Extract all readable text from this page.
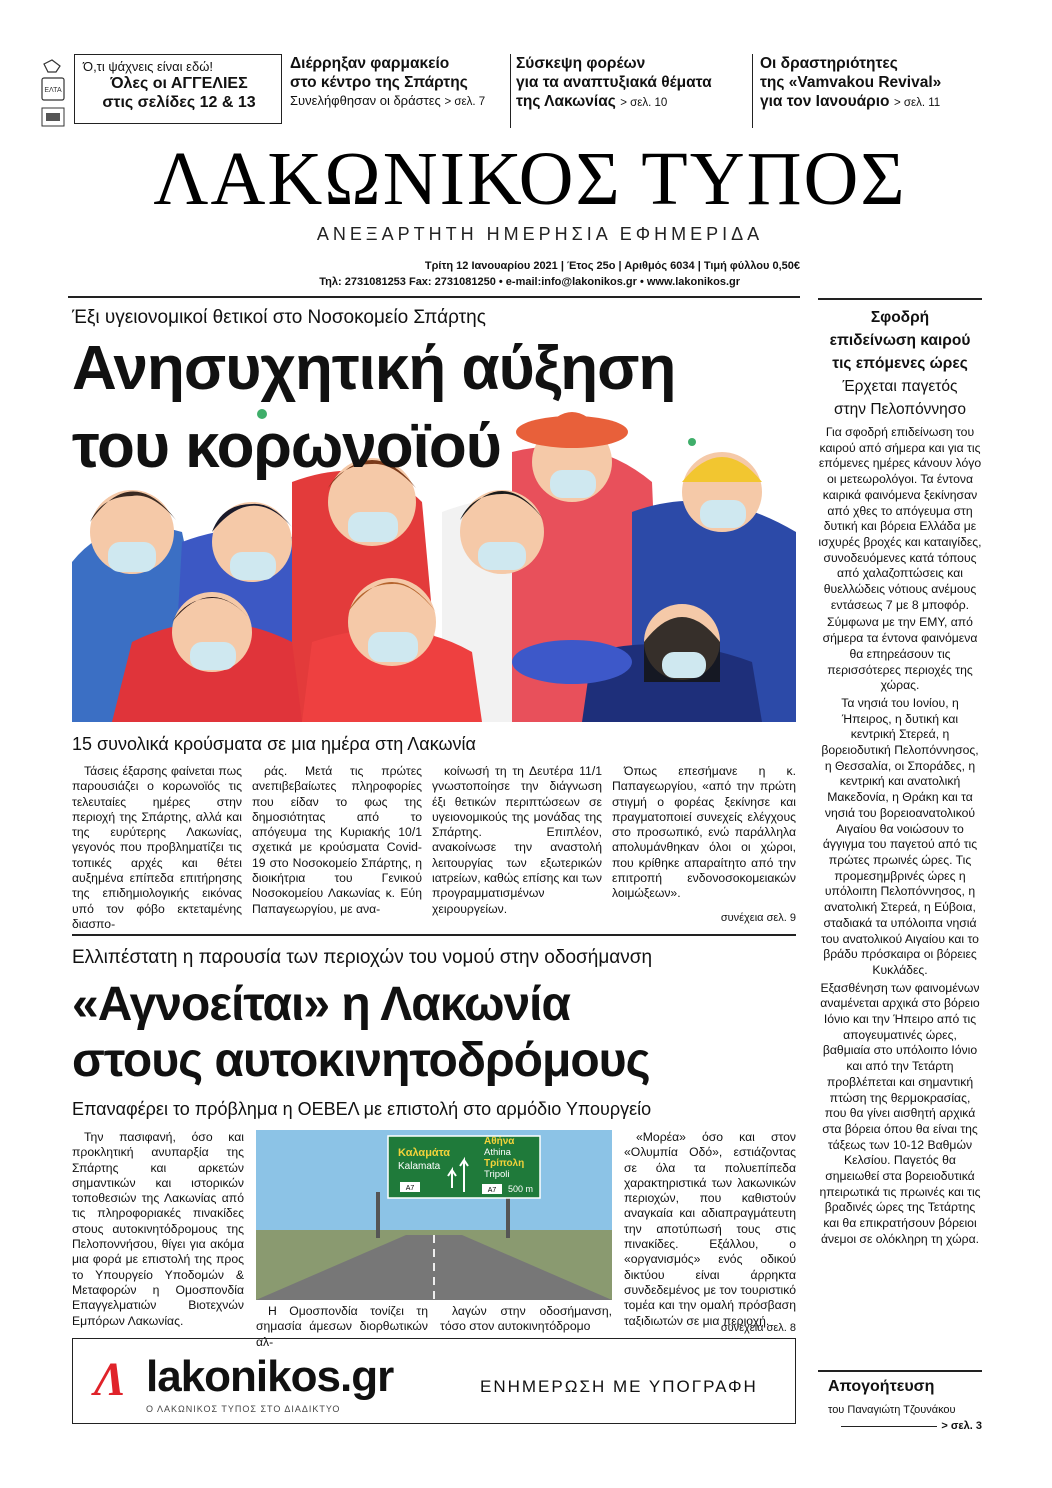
ΕΛΤΑ
Ό,τι ψάχνεις είναι εδώ!
Όλες οι ΑΓΓΕΛΙΕΣ
στις σελίδες 12 & 13
Διέρρηξαν φαρμακείο
στο κέντρο της Σπάρτης
Συνελήφθησαν οι δράστες > σελ. 7
Σύσκεψη φορέων
για τα αναπτυξιακά θέματα
της Λακωνίας > σελ. 10
Οι δραστηριότητες
της «Vamvakou Revival»
για τον Ιανουάριο > σελ. 11
ΛΑΚΩΝΙΚΟΣ ΤΥΠΟΣ
ΑΝΕΞΑΡΤΗΤΗ ΗΜΕΡΗΣΙΑ ΕΦΗΜΕΡΙΔΑ
Τρίτη 12 Ιανουαρίου 2021 | Έτος 25ο | Αριθμός 6034 | Τιμή φύλλου 0,50€
Τηλ: 2731081253 Fax: 2731081250 • e-mail:info@lakonikos.gr • www.lakonikos.gr
Έξι υγειονομικοί θετικοί στο Νοσοκομείο Σπάρτης
Ανησυχητική αύξηση
του κορωνοϊού
15 συνολικά κρούσματα σε μια ημέρα στη Λακωνία
Τάσεις έξαρσης φαίνεται πως παρουσιάζει ο κορωνοϊός τις τελευταίες ημέρες στην περιοχή της Σπάρτης, αλλά και της ευρύτερης Λακωνίας, γεγονός που προβληματίζει τις τοπικές αρχές και θέτει αυξημένα επίπεδα επιτήρησης της επιδημιολογικής εικόνας υπό τον φόβο εκτεταμένης διασπο-
ράς. Μετά τις πρώτες ανεπιβεβαίωτες πληροφορίες που είδαν το φως της δημοσιότητας από το απόγευμα της Κυριακής 10/1 σχετικά με κρούσματα Covid-19 στο Νοσοκομείο Σπάρτης, η διοικήτρια του Γενικού Νοσοκομείου Λακωνίας κ. Εύη Παπαγεωργίου, με ανα-
κοίνωσή τη τη Δευτέρα 11/1 γνωστοποίησε την διάγνωση έξι θετικών περιπτώσεων σε υγειονομικούς της μονάδας της Σπάρτης. Επιπλέον, ανακοίνωσε την αναστολή λειτουργίας των εξωτερικών ιατρείων, καθώς επίσης και των προγραμματισμένων χειρουργείων.
Όπως επεσήμανε η κ. Παπαγεωργίου, «από την πρώτη στιγμή ο φορέας ξεκίνησε και πραγματοποιεί συνεχείς ελέγχους στο προσωπικό, ενώ παράλληλα απολυμάνθηκαν όλοι οι χώροι, που κρίθηκε απαραίτητο από την επιτροπή ενδονοσοκομειακών λοιμώξεων».
συνέχεια σελ. 9
Ελλιπέστατη η παρουσία των περιοχών του νομού στην οδοσήμανση
«Αγνοείται» η Λακωνία
στους αυτοκινητοδρόμους
Επαναφέρει το πρόβλημα η ΟΕΒΕΛ με επιστολή στο αρμόδιο Υπουργείο
Την πασιφανή, όσο και προκλητική ανυπαρξία της Σπάρτης και αρκετών σημαντικών και ιστορικών τοποθεσιών της Λακωνίας από τις πληροφοριακές πινακίδες στους αυτοκινητόδρομους της Πελοποννήσου, θίγει για ακόμα μια φορά με επιστολή της προς το Υπουργείο Υποδομών & Μεταφορών η Ομοσπονδία Επαγγελματιών Βιοτεχνών Εμπόρων Λακωνίας.
Καλαμάτα
Kalamata
Αθήνα
Athina
Τρίπολη
Tripoli
A7	A7 500 m
Η Ομοσπονδία τονίζει τη σημασία άμεσων διορθωτικών αλ-
λαγών στην οδοσήμανση, τόσο στον αυτοκινητόδρομο
«Μορέα» όσο και στον «Ολυμπία Οδό», εστιάζοντας σε όλα τα πολυεπίπεδα χαρακτηριστικά των λακωνικών περιοχών, που καθιστούν αναγκαία και αδιαπραγμάτευτη την αποτύπωσή τους στις πινακίδες. Εξάλλου, ο «οργανισμός» ενός οδικού δικτύου είναι άρρηκτα συνδεδεμένος με τον τουριστικό τομέα και την ομαλή πρόσβαση ταξιδιωτών σε μια περιοχή.
συνέχεια σελ. 8
Σφοδρή
επιδείνωση καιρού
τις επόμενες ώρες
Έρχεται παγετός
στην Πελοπόννησο

Για σφοδρή επιδείνωση του καιρού από σήμερα και για τις επόμενες ημέρες κάνουν λόγο οι μετεωρολόγοι. Τα έντονα καιρικά φαινόμενα ξεκίνησαν από χθες το απόγευμα στη δυτική και βόρεια Ελλάδα με ισχυρές βροχές και καταιγίδες, συνοδευόμενες κατά τόπους από χαλαζοπτώσεις και θυελλώδεις νότιους ανέμους εντάσεως 7 με 8 μποφόρ.

Σύμφωνα με την ΕΜΥ, από σήμερα τα έντονα φαινόμενα θα επηρεάσουν τις περισσότερες περιοχές της χώρας.

Τα νησιά του Ιονίου, η Ήπειρος, η δυτική και κεντρική Στερεά, η βορειοδυτική Πελοπόννησος, η Θεσσαλία, οι Σποράδες, η κεντρική και ανατολική Μακεδονία, η Θράκη και τα νησιά του βορειοανατολικού Αιγαίου θα νοιώσουν το άγγιγμα του παγετού από τις πρώτες πρωινές ώρες. Τις προμεσημβρινές ώρες η υπόλοιπη Πελοπόννησος, η ανατολική Στερεά, η Εύβοια, σταδιακά τα υπόλοιπα νησιά του ανατολικού Αιγαίου και το βράδυ πρόσκαιρα οι βόρειες Κυκλάδες.

Εξασθένηση των φαινομένων αναμένεται αρχικά στο βόρειο Ιόνιο και την Ήπειρο από τις απογευματινές ώρες, βαθμιαία στο υπόλοιπο Ιόνιο και από την Τετάρτη προβλέπεται και σημαντική πτώση της θερμοκρασίας, που θα γίνει αισθητή αρχικά στα βόρεια όπου θα είναι της τάξεως των 10-12 Βαθμών Κελσίου. Παγετός θα σημειωθεί στα βορειοδυτικά ηπειρωτικά τις πρωινές και τις βραδινές ώρες της Τετάρτης και θα επικρατήσουν βόρειοι άνεμοι σε ολόκληρη τη χώρα.

Απογοήτευση
του Παναγιώτη Τζουνάκου
> σελ. 3
Λ lakonikos.gr
Ο ΛΑΚΩΝΙΚΟΣ ΤΥΠΟΣ ΣΤΟ ΔΙΑΔΙΚΤΥΟ
ΕΝΗΜΕΡΩΣΗ ΜΕ ΥΠΟΓΡΑΦΗ
